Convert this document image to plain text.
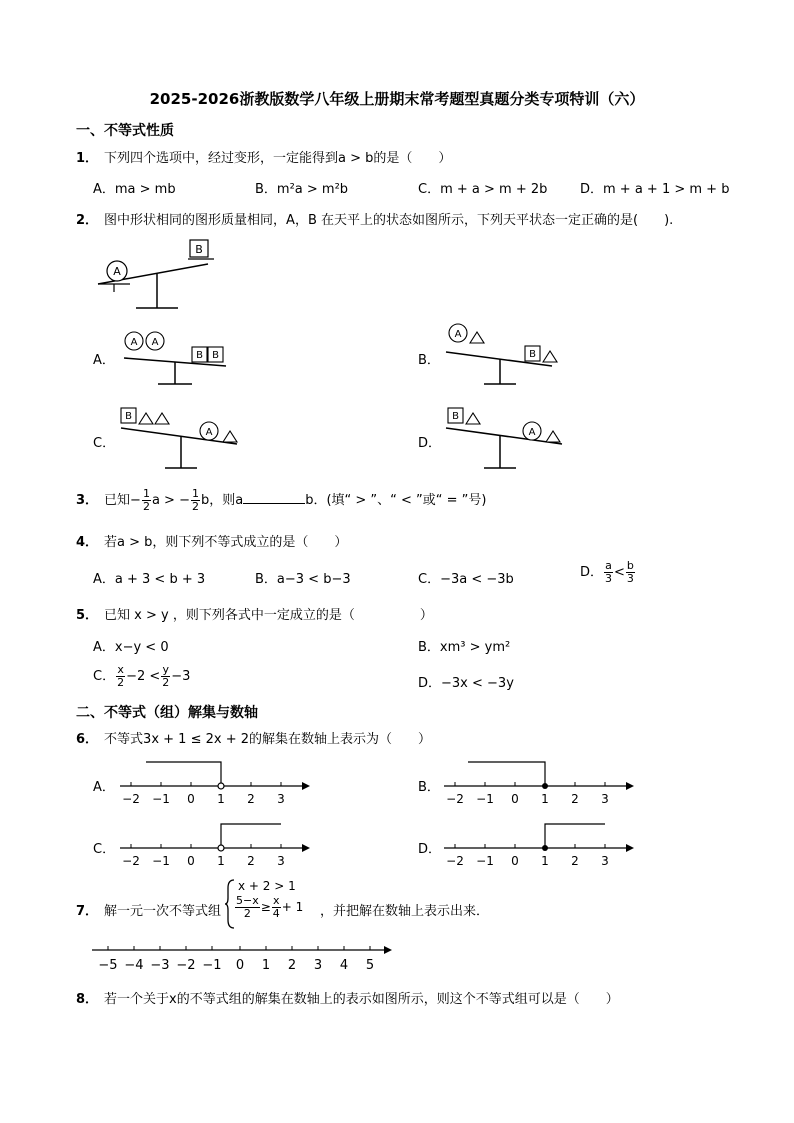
2025-2026浙教版数学八年级上册期末常考题型真题分类专项特训（六）
一、不等式性质
1． 下列四个选项中，经过变形，一定能得到a > b的是（　　）
A．ma > mb	B．m²a > m²b	C．m + a > m + 2b	D．m + a + 1 > m + b
2． 图中形状相同的图形质量相同，A，B 在天平上的状态如图所示，下列天平状态一定正确的是(　　).
A
B
A．
A A
B B	B．
A
B
C．
B
A
D．
B
A
3． 已知− $\frac{1}{2}$ a > − $\frac{1}{2}$ b，则a	b．(填“ > ”、“ < ”或“ = ”号)
4． 若a > b，则下列不等式成立的是（　　）
A．a + 3 < b + 3	B．a−3 < b−3	C．−3a < −3b	D． $\frac{a}{3} < \frac{b}{3}$
5． 已知 x > y ，则下列各式中一定成立的是（　　　　　）
A．x−y < 0	B．xm³ > ym²
C． $\frac{x}{2} -2 < \frac{y}{2} -3$	D．−3x < −3y
二、不等式（组）解集与数轴
6． 不等式3x + 1 ≤ 2x + 2的解集在数轴上表示为（　　）
A．
−2 −1 0 1 2 3
B．
−2 −1 0 1 2 3
C．
−2 −1 0 1 2 3
D．
−2 −1 0 1 2 3
7． 解一元一次不等式组
x + 2 > 1
$\frac{5-x}{2} \ge \frac{x}{4} + 1$ ，并把解在数轴上表示出来．
−5 −4 −3 −2 −1 0 1 2 3 4 5
8． 若一个关于x的不等式组的解集在数轴上的表示如图所示，则这个不等式组可以是（　　）
